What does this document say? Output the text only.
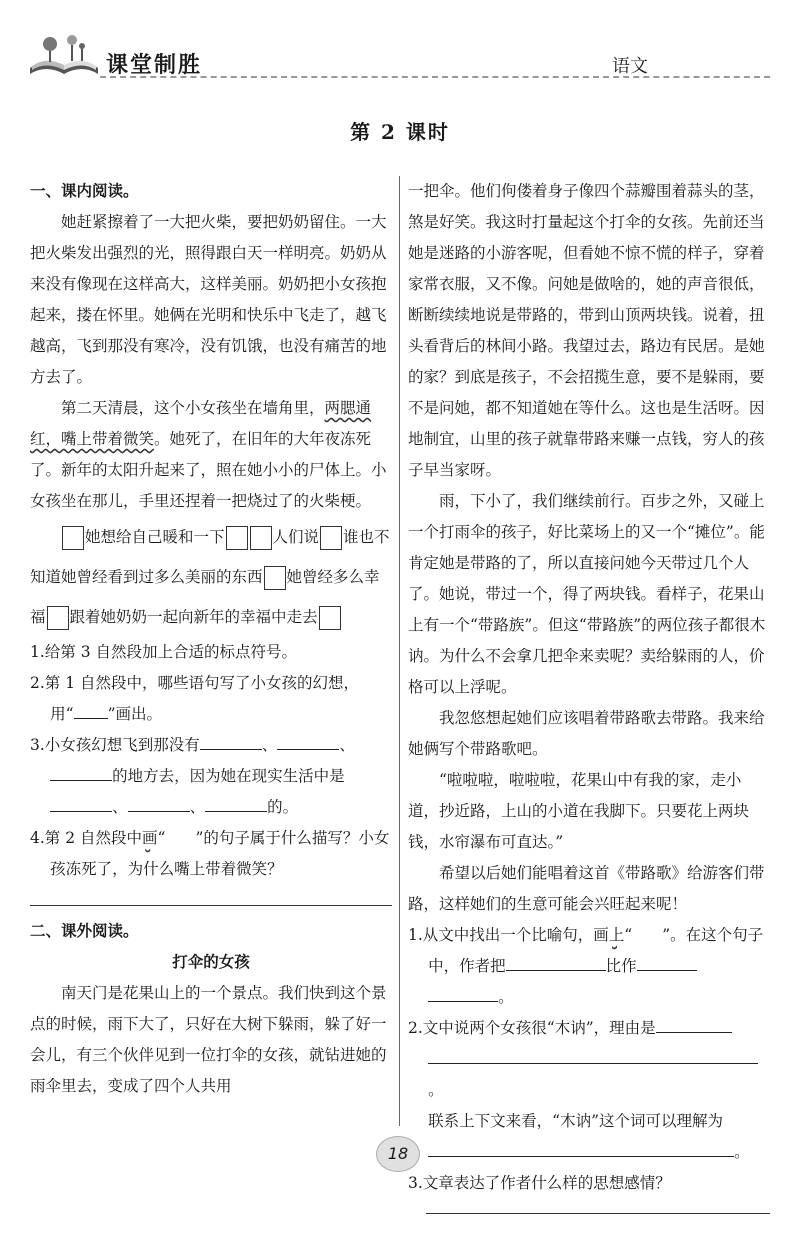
课堂制胜	语文
第 2 课时
一、课内阅读。

她赶紧擦着了一大把火柴，要把奶奶留住。一大把火柴发出强烈的光，照得跟白天一样明亮。奶奶从来没有像现在这样高大，这样美丽。奶奶把小女孩抱起来，搂在怀里。她俩在光明和快乐中飞走了，越飞越高，飞到那没有寒冷，没有饥饿，也没有痛苦的地方去了。

第二天清晨，这个小女孩坐在墙角里，两腮通红，嘴上带着微笑。她死了，在旧年的大年夜冻死了。新年的太阳升起来了，照在她小小的尸体上。小女孩坐在那儿，手里还捏着一把烧过了的火柴梗。

她想给自己暖和一下	人们说 谁也不知道她曾经看到过多么美丽的东西 她曾经多么幸福 跟着她奶奶一起向新年的幸福中走去

1.给第 3 自然段加上合适的标点符号。

2.第 1 自然段中，哪些语句写了小女孩的幻想，
用“ ”画出。

3.小女孩幻想飞到那没有	、	、
的地方去，因为她在现实生活中是
、	、	的。

4.第 2 自然段中画“ ”的句子属于什么描写？小女孩冻死了，为什么嘴上带着微笑？

二、课外阅读。
打伞的女孩

南天门是花果山上的一个景点。我们快到这个景点的时候，雨下大了，只好在大树下躲雨，躲了好一会儿，有三个伙伴见到一位打伞的女孩，就钻进她的雨伞里去，变成了四个人共用

一把伞。他们佝偻着身子像四个蒜瓣围着蒜头的茎，煞是好笑。我这时打量起这个打伞的女孩。先前还当她是迷路的小游客呢，但看她不惊不慌的样子，穿着家常衣服，又不像。问她是做啥的，她的声音很低，断断续续地说是带路的，带到山顶两块钱。说着，扭头看背后的林间小路。我望过去，路边有民居。是她的家？到底是孩子，不会招揽生意，要不是躲雨，要不是问她，都不知道她在等什么。这也是生活呀。因地制宜，山里的孩子就靠带路来赚一点钱，穷人的孩子早当家呀。

雨，下小了，我们继续前行。百步之外，又碰上一个打雨伞的孩子，好比菜场上的又一个“摊位”。能肯定她是带路的了，所以直接问她今天带过几个人了。她说，带过一个，得了两块钱。看样子，花果山上有一个“带路族”。但这“带路族”的两位孩子都很木讷。为什么不会拿几把伞来卖呢？卖给躲雨的人，价格可以上浮呢。

我忽悠想起她们应该唱着带路歌去带路。我来给她俩写个带路歌吧。

“啦啦啦，啦啦啦，花果山中有我的家，走小道，抄近路，上山的小道在我脚下。只要花上两块钱，水帘瀑布可直达。”

希望以后她们能唱着这首《带路歌》给游客们带路，这样她们的生意可能会兴旺起来呢！

1.从文中找出一个比喻句，画上“ ”。在这个句子中，作者把	比作
。

2.文中说两个女孩很“木讷”，理由是
。
联系上下文来看，“木讷”这个词可以理解为
。

3.文章表达了作者什么样的思想感情？

18
